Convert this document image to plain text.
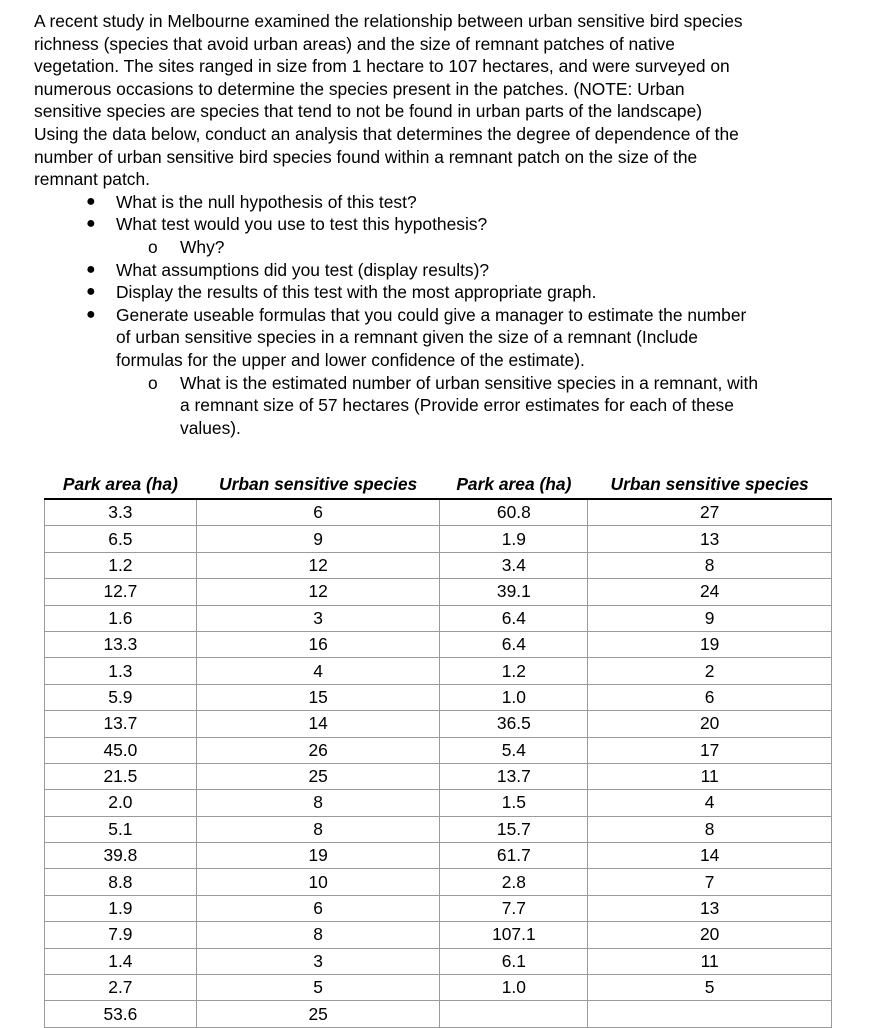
A recent study in Melbourne examined the relationship between urban sensitive bird species
richness (species that avoid urban areas) and the size of remnant patches of native
vegetation. The sites ranged in size from 1 hectare to 107 hectares, and were surveyed on
numerous occasions to determine the species present in the patches. (NOTE: Urban
sensitive species are species that tend to not be found in urban parts of the landscape)
Using the data below, conduct an analysis that determines the degree of dependence of the
number of urban sensitive bird species found within a remnant patch on the size of the
remnant patch.
● What is the null hypothesis of this test?
● What test would you use to test this hypothesis?
o Why?
● What assumptions did you test (display results)?
● Display the results of this test with the most appropriate graph.
● Generate useable formulas that you could give a manager to estimate the number
of urban sensitive species in a remnant given the size of a remnant (Include
formulas for the upper and lower confidence of the estimate).
o What is the estimated number of urban sensitive species in a remnant, with
a remnant size of 57 hectares (Provide error estimates for each of these
values).
Park area (ha)	Urban sensitive species	Park area (ha)	Urban sensitive species
3.3	6	60.8	27
6.5	9	1.9	13
1.2	12	3.4	8
12.7	12	39.1	24
1.6	3	6.4	9
13.3	16	6.4	19
1.3	4	1.2	2
5.9	15	1.0	6
13.7	14	36.5	20
45.0	26	5.4	17
21.5	25	13.7	11
2.0	8	1.5	4
5.1	8	15.7	8
39.8	19	61.7	14
8.8	10	2.8	7
1.9	6	7.7	13
7.9	8	107.1	20
1.4	3	6.1	11
2.7	5	1.0	5
53.6	25		
